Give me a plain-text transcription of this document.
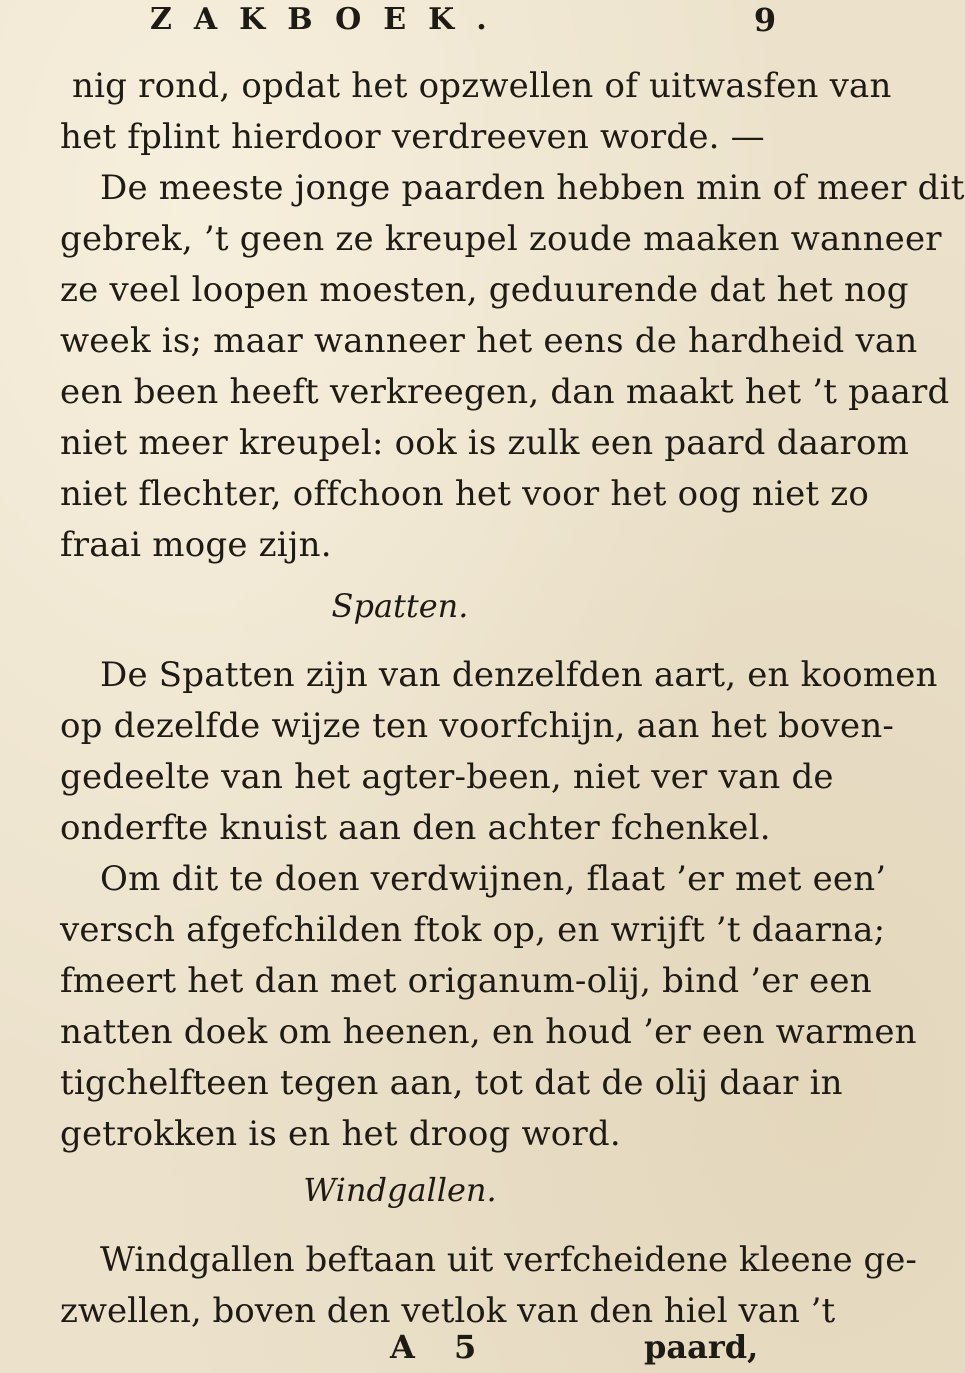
ZAKBOEK.	9
nig rond, opdat het opzwellen of uitwasfen van
het fplint hierdoor verdreeven worde. —
De meeste jonge paarden hebben min of meer dit
gebrek, ’t geen ze kreupel zoude maaken wanneer
ze veel loopen moesten, geduurende dat het nog
week is; maar wanneer het eens de hardheid van
een been heeft verkreegen, dan maakt het ’t paard
niet meer kreupel: ook is zulk een paard daarom
niet flechter, offchoon het voor het oog niet zo
fraai moge zijn.
Spatten.
De Spatten zijn van denzelfden aart, en koomen
op dezelfde wijze ten voorfchijn, aan het boven-
gedeelte van het agter-been, niet ver van de
onderfte knuist aan den achter fchenkel.
Om dit te doen verdwijnen, flaat ’er met een’
versch afgefchilden ftok op, en wrijft ’t daarna;
fmeert het dan met origanum-olij, bind ’er een
natten doek om heenen, en houd ’er een warmen
tigchelfteen tegen aan, tot dat de olij daar in
getrokken is en het droog word.
Windgallen.
A 5	paard,
Windgallen beftaan uit verfcheidene kleene ge-
zwellen, boven den vetlok van den hiel van ’t
